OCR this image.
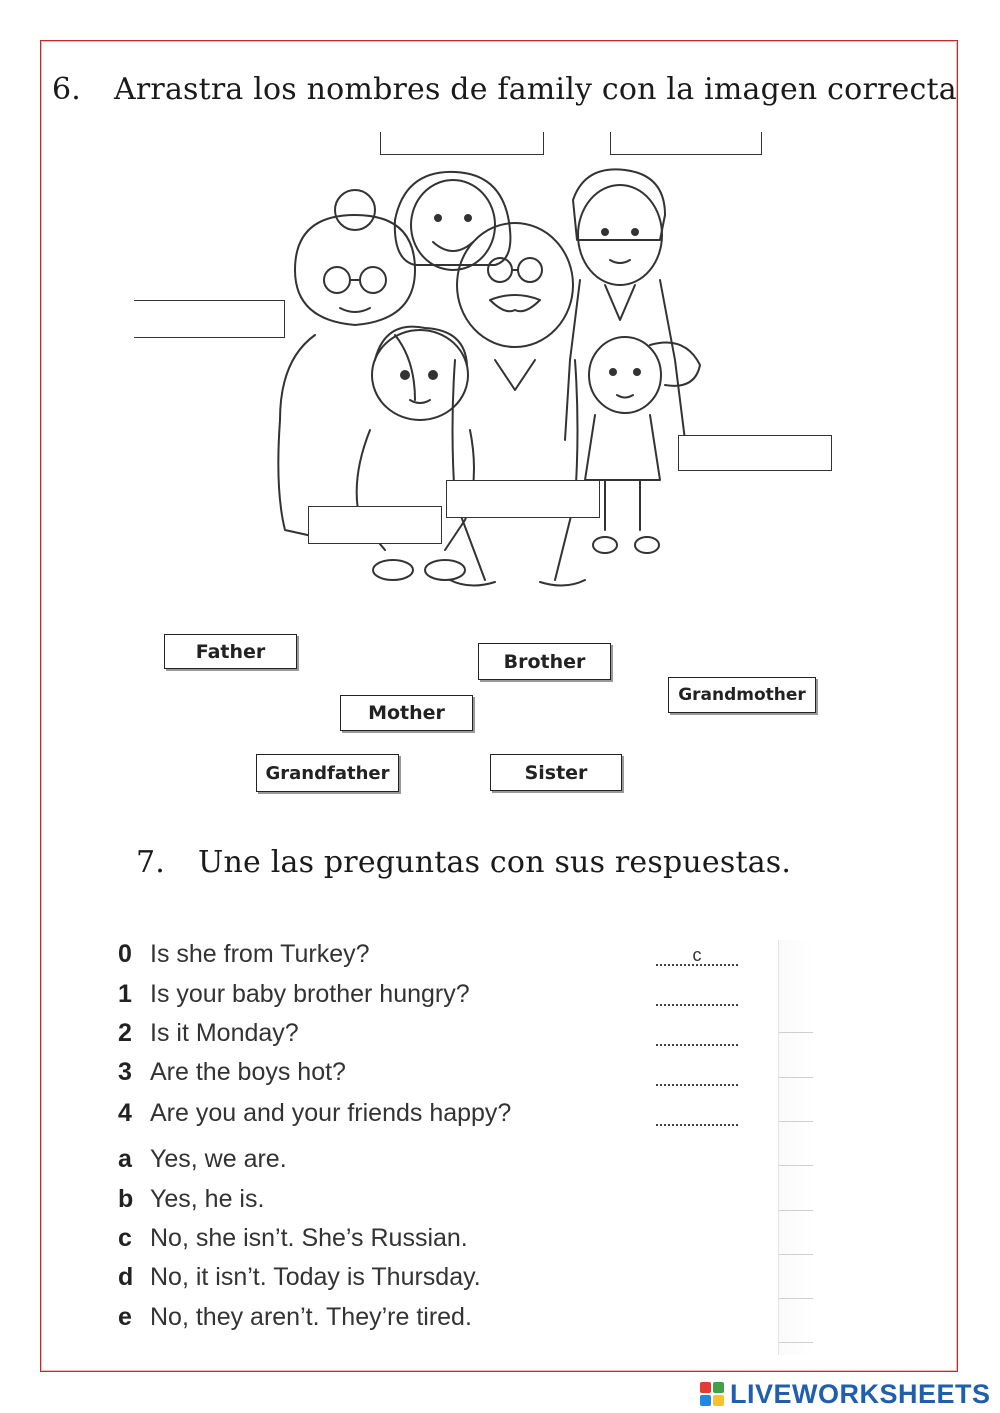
6. Arrastra los nombres de family con la imagen correcta
Father	Brother
Grandmother
Mother
Grandfather	Sister
7. Une las preguntas con sus respuestas.
0 Is she from Turkey?
1 Is your baby brother hungry?
2 Is it Monday?
3 Are the boys hot?
4 Are you and your friends happy?
c
a Yes, we are.
b Yes, he is.
c No, she isn’t. She’s Russian.
d No, it isn’t. Today is Thursday.
e No, they aren’t. They’re tired.
LIVEWORKSHEETS
